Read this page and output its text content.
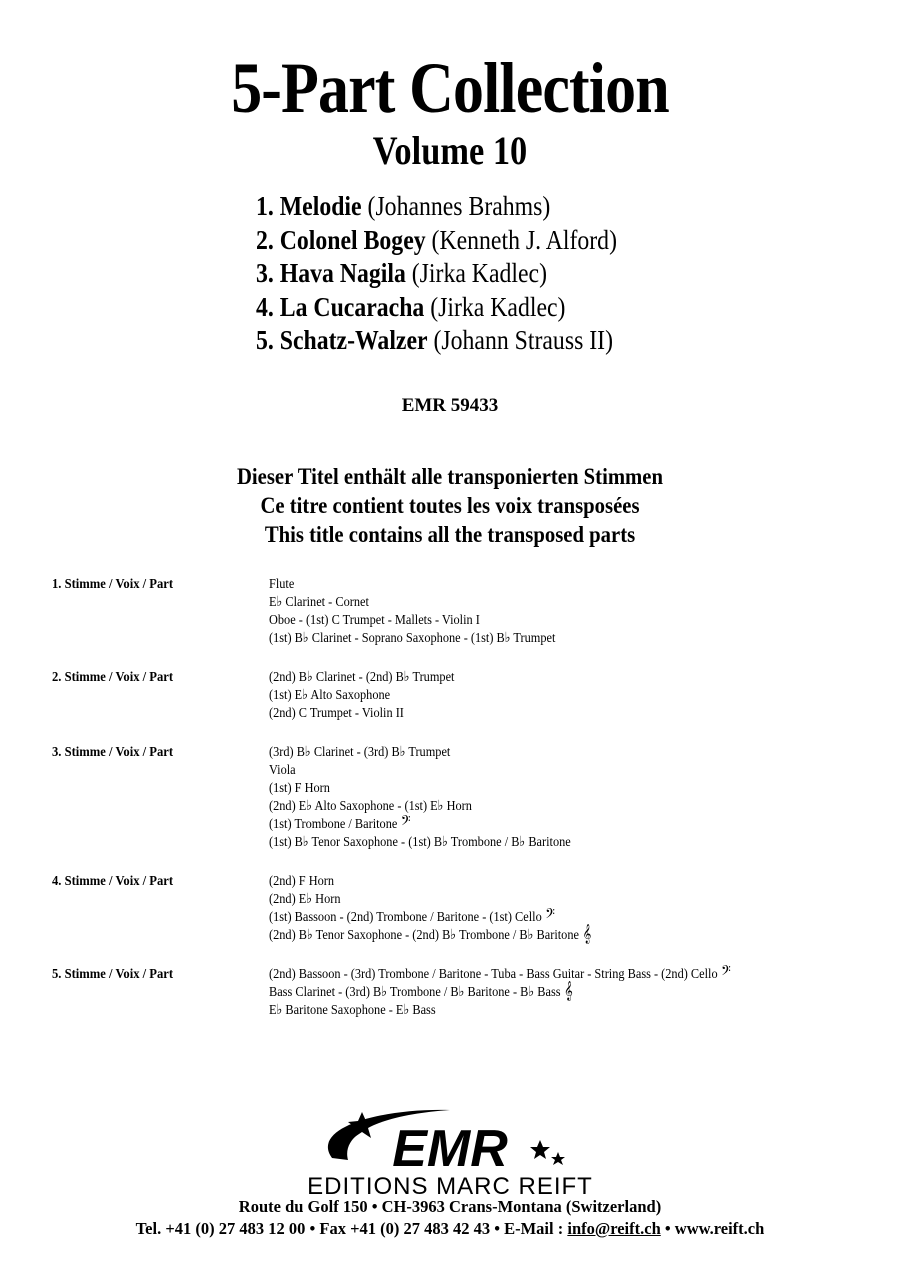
5-Part Collection
Volume 10
1. Melodie (Johannes Brahms)
2. Colonel Bogey (Kenneth J. Alford)
3. Hava Nagila (Jirka Kadlec)
4. La Cucaracha (Jirka Kadlec)
5. Schatz-Walzer (Johann Strauss II)
EMR 59433
Dieser Titel enthält alle transponierten Stimmen
Ce titre contient toutes les voix transposées
This title contains all the transposed parts
1. Stimme / Voix / Part	Flute
E♭ Clarinet - Cornet
Oboe - (1st) C Trumpet - Mallets - Violin I
(1st) B♭ Clarinet - Soprano Saxophone - (1st) B♭ Trumpet
2. Stimme / Voix / Part	(2nd) B♭ Clarinet - (2nd) B♭ Trumpet
(1st) E♭ Alto Saxophone
(2nd) C Trumpet - Violin II
3. Stimme / Voix / Part	(3rd) B♭ Clarinet - (3rd) B♭ Trumpet
Viola
(1st) F Horn
(2nd) E♭ Alto Saxophone - (1st) E♭ Horn
(1st) Trombone / Baritone 𝄢
(1st) B♭ Tenor Saxophone - (1st) B♭ Trombone / B♭ Baritone
4. Stimme / Voix / Part	(2nd) F Horn
(2nd) E♭ Horn
(1st) Bassoon - (2nd) Trombone / Baritone - (1st) Cello 𝄢
(2nd) B♭ Tenor Saxophone - (2nd) B♭ Trombone / B♭ Baritone 𝄞
5. Stimme / Voix / Part	(2nd) Bassoon - (3rd) Trombone / Baritone - Tuba - Bass Guitar - String Bass - (2nd) Cello 𝄢
Bass Clarinet - (3rd) B♭ Trombone / B♭ Baritone - B♭ Bass 𝄞
E♭ Baritone Saxophone - E♭ Bass
EMR
EDITIONS MARC REIFT
Route du Golf 150 • CH-3963 Crans-Montana (Switzerland)
Tel. +41 (0) 27 483 12 00 • Fax +41 (0) 27 483 42 43 • E-Mail : info@reift.ch • www.reift.ch
